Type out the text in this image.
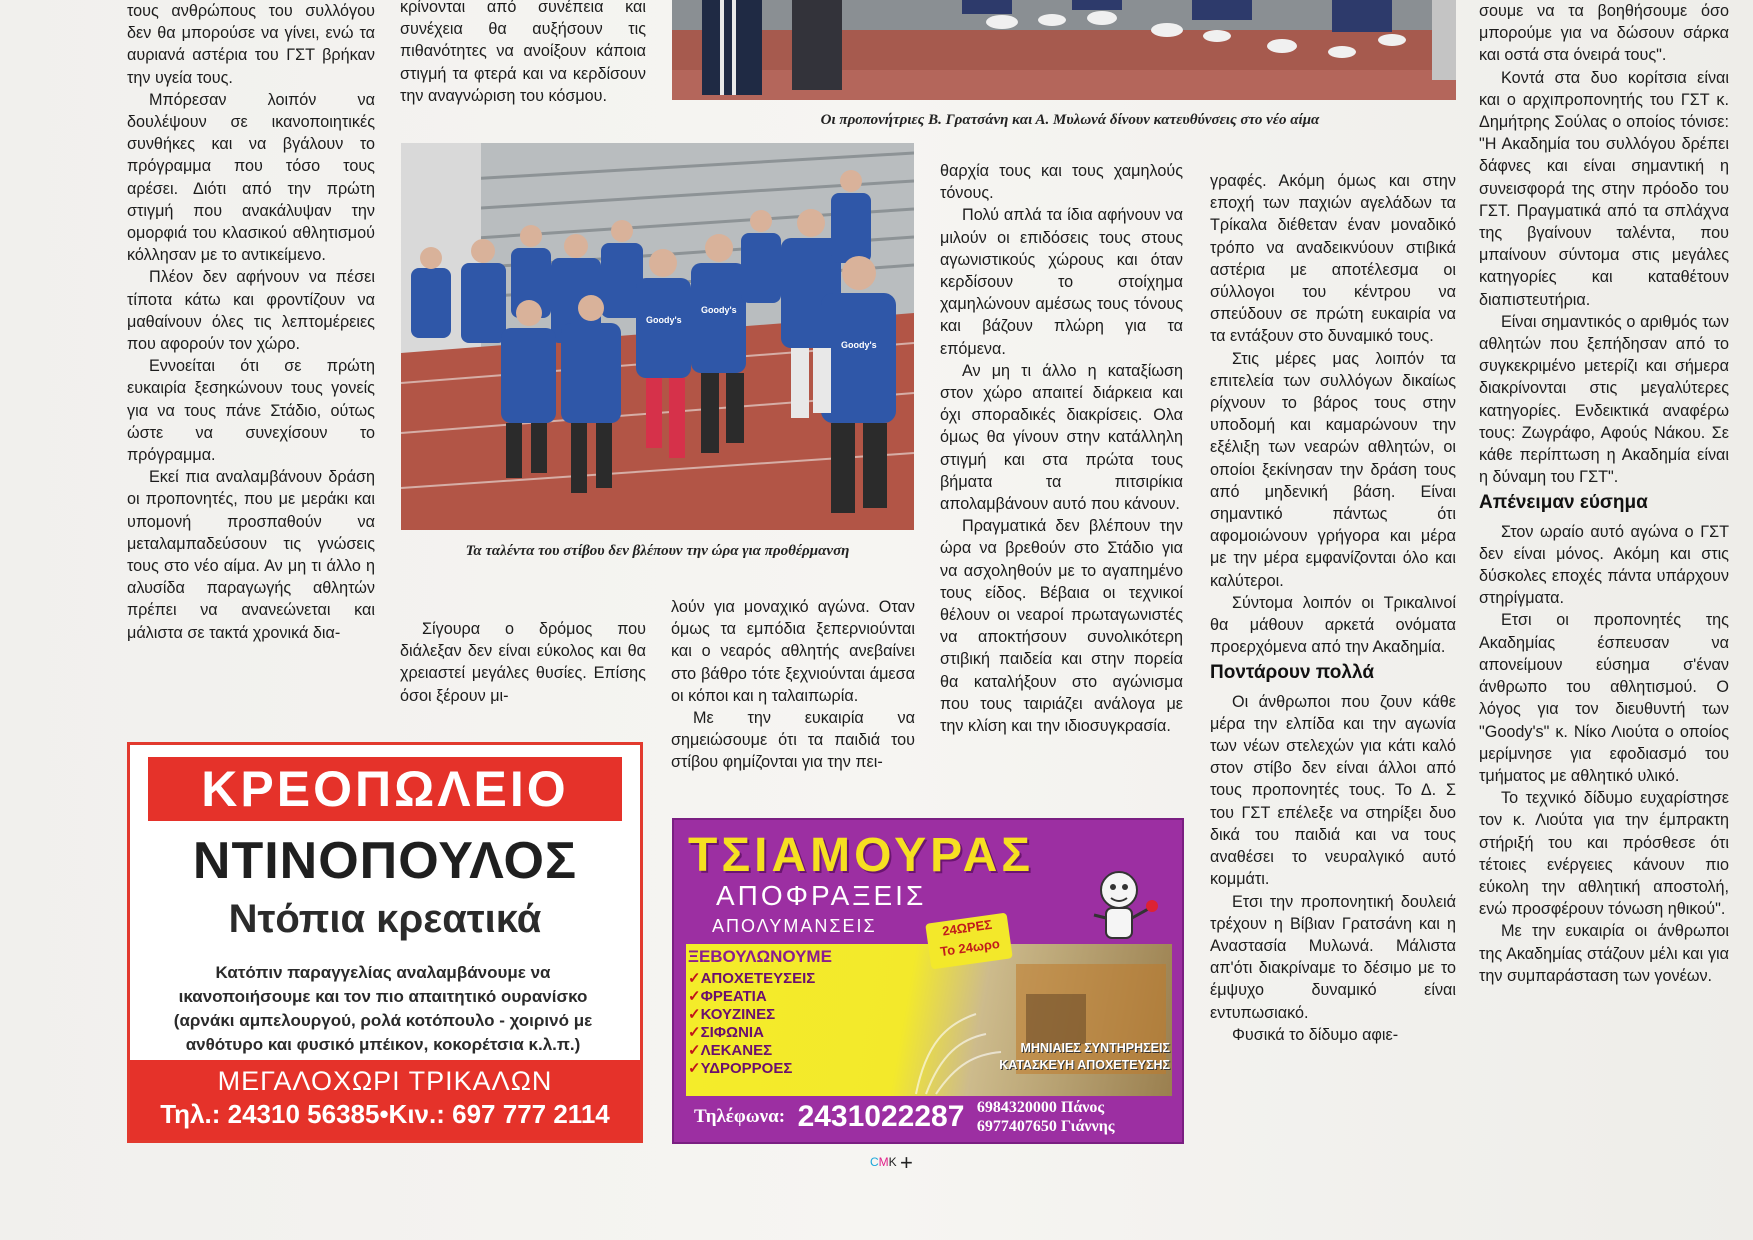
τους ανθρώπους του συλλόγου δεν θα μπορούσε να γίνει, ενώ τα αυριανά αστέρια του ΓΣΤ βρήκαν την υγεία τους.

Μπόρεσαν λοιπόν να δουλέψουν σε ικανοποιητικές συνθήκες και να βγάλουν το πρόγραμμα που τόσο τους αρέσει. Διότι από την πρώτη στιγμή που ανακάλυψαν την ομορφιά του κλασικού αθλητισμού κόλλησαν με το αντικείμενο.

Πλέον δεν αφήνουν να πέσει τίποτα κάτω και φροντίζουν να μαθαίνουν όλες τις λεπτομέρειες που αφορούν τον χώρο.

Εννοείται ότι σε πρώτη ευκαιρία ξεσηκώνουν τους γονείς για να τους πάνε Στάδιο, ούτως ώστε να συνεχίσουν το πρόγραμμα.

Εκεί πια αναλαμβάνουν δράση οι προπονητές, που με μεράκι και υπομονή προσπαθούν να μεταλαμπαδεύσουν τις γνώσεις τους στο νέο αίμα. Αν μη τι άλλο η αλυσίδα παραγωγής αθλητών πρέπει να ανανεώνεται και μάλιστα σε τακτά χρονικά δια-

κρίνονται από συνέπεια και συνέχεια θα αυξήσουν τις πιθανότητες να ανοίξουν κάποια στιγμή τα φτερά και να κερδίσουν την αναγνώριση του κόσμου.

Οι προπονήτριες Β. Γρατσάνη και Α. Μυλωνά δίνουν κατευθύνσεις στο νέο αίμα
Goody's
Goody's
Goody's
Τα ταλέντα του στίβου δεν βλέπουν την ώρα για προθέρμανση

Σίγουρα ο δρόμος που διάλεξαν δεν είναι εύκολος και θα χρειαστεί μεγάλες θυσίες. Επίσης όσοι ξέρουν μι-

λούν για μοναχικό αγώνα. Οταν όμως τα εμπόδια ξεπερνιούνται και ο νεαρός αθλητής ανεβαίνει στο βάθρο τότε ξεχνιούνται άμεσα οι κόποι και η ταλαιπωρία.

Με την ευκαιρία να σημειώσουμε ότι τα παιδιά του στίβου φημίζονται για την πει-

θαρχία τους και τους χαμηλούς τόνους.

Πολύ απλά τα ίδια αφήνουν να μιλούν οι επιδόσεις τους στους αγωνιστικούς χώρους και όταν κερδίσουν το στοίχημα χαμηλώνουν αμέσως τους τόνους και βάζουν πλώρη για τα επόμενα.

Αν μη τι άλλο η καταξίωση στον χώρο απαιτεί διάρκεια και όχι σποραδικές διακρίσεις. Ολα όμως θα γίνουν στην κατάλληλη στιγμή και στα πρώτα τους βήματα τα πιτσιρίκια απολαμβάνουν αυτό που κάνουν.

Πραγματικά δεν βλέπουν την ώρα να βρεθούν στο Στάδιο για να ασχοληθούν με το αγαπημένο τους είδος. Βέβαια οι τεχνικοί θέλουν οι νεαροί πρωταγωνιστές να αποκτήσουν συνολικότερη στιβική παιδεία και στην πορεία θα καταλήξουν στο αγώνισμα που τους ταιριάζει ανάλογα με την κλίση και την ιδιοσυγκρασία.

γραφές. Ακόμη όμως και στην εποχή των παχιών αγελάδων τα Τρίκαλα διέθεταν έναν μοναδικό τρόπο να αναδεικνύουν στιβικά αστέρια με αποτέλεσμα οι σύλλογοι του κέντρου να σπεύδουν σε πρώτη ευκαιρία να τα εντάξουν στο δυναμικό τους.

Στις μέρες μας λοιπόν τα επιτελεία των συλλόγων δικαίως ρίχνουν το βάρος τους στην υποδομή και καμαρώνουν την εξέλιξη των νεαρών αθλητών, οι οποίοι ξεκίνησαν την δράση τους από μηδενική βάση. Είναι σημαντικό πάντως ότι αφομοιώνουν γρήγορα και μέρα με την μέρα εμφανίζονται όλο και καλύτεροι.

Σύντομα λοιπόν οι Τρικαλινοί θα μάθουν αρκετά ονόματα προερχόμενα από την Ακαδημία.

Ποντάρουν πολλά

Οι άνθρωποι που ζουν κάθε μέρα την ελπίδα και την αγωνία των νέων στελεχών για κάτι καλό στον στίβο δεν είναι άλλοι από τους προπονητές τους. Το Δ. Σ του ΓΣΤ επέλεξε να στηρίξει δυο δικά του παιδιά και να τους αναθέσει το νευραλγικό αυτό κομμάτι.

Ετσι την προπονητική δουλειά τρέχουν η Βίβιαν Γρατσάνη και η Αναστασία Μυλωνά. Μάλιστα απ'ότι διακρίναμε το δέσιμο με το έμψυχο δυναμικό είναι εντυπωσιακό.

Φυσικά το δίδυμο αφιε-

σουμε να τα βοηθήσουμε όσο μπορούμε για να δώσουν σάρκα και οστά στα όνειρά τους".

Κοντά στα δυο κορίτσια είναι και ο αρχιπροπονητής του ΓΣΤ κ. Δημήτρης Σούλας ο οποίος τόνισε: "Η Ακαδημία του συλλόγου δρέπει δάφνες και είναι σημαντική η συνεισφορά της στην πρόοδο του ΓΣΤ. Πραγματικά από τα σπλάχνα της βγαίνουν ταλέντα, που μπαίνουν σύντομα στις μεγάλες κατηγορίες και καταθέτουν διαπιστευτήρια.

Είναι σημαντικός ο αριθμός των αθλητών που ξεπήδησαν από το συγκεκριμένο μετερίζι και σήμερα διακρίνονται στις μεγαλύτερες κατηγορίες. Ενδεικτικά αναφέρω τους: Ζωγράφο, Αφούς Νάκου. Σε κάθε περίπτωση η Ακαδημία είναι η δύναμη του ΓΣΤ".

Απένειμαν εύσημα

Στον ωραίο αυτό αγώνα ο ΓΣΤ δεν είναι μόνος. Ακόμη και στις δύσκολες εποχές πάντα υπάρχουν στηρίγματα.

Ετσι οι προπονητές της Ακαδημίας έσπευσαν να απονείμουν εύσημα σ'έναν άνθρωπο του αθλητισμού. Ο λόγος για τον διευθυντή των "Goody's" κ. Νίκο Λιούτα ο οποίος μερίμνησε για εφοδιασμό του τμήματος με αθλητικό υλικό.

Το τεχνικό δίδυμο ευχαρίστησε τον κ. Λιούτα για την έμπρακτη στήριξή του και πρόσθεσε ότι τέτοιες ενέργειες κάνουν πιο εύκολη την αθλητική αποστολή, ενώ προσφέρουν τόνωση ηθικού".

Με την ευκαιρία οι άνθρωποι της Ακαδημίας στάζουν μέλι και για την συμπαράσταση των γονέων.

ΚΡΕΟΠΩΛΕΙΟ
ΝΤΙΝΟΠΟΥΛΟΣ
Ντόπια κρεατικά
Κατόπιν παραγγελίας αναλαμβάνουμε να ικανοποιήσουμε και τον πιο απαιτητικό ουρανίσκο (αρνάκι αμπελουργού, ρολά κοτόπουλο - χοιρινό με ανθότυρο και φυσικό μπέικον, κοκορέτσια κ.λ.π.)
ΜΕΓΑΛΟΧΩΡΙ ΤΡΙΚΑΛΩΝ
Τηλ.: 24310 56385•Κιν.: 697 777 2114
ΤΣΙΑΜΟΥΡΑΣ
ΑΠΟΦΡΑΞΕΙΣ
ΑΠΟΛΥΜΑΝΣΕΙΣ	24ΩΡΕΣ
Το 24ωρο
ΞΕΒΟΥΛΩΝΟΥΜΕ
✓ ΑΠΟΧΕΤΕΥΣΕΙΣ
✓ ΦΡΕΑΤΙΑ
✓ ΚΟΥΖΙΝΕΣ
✓ ΣΙΦΩΝΙΑ
✓ ΛΕΚΑΝΕΣ
✓ ΥΔΡΟΡΡΟΕΣ
ΜΗΝΙΑΙΕΣ ΣΥΝΤΗΡΗΣΕΙΣ
ΚΑΤΑΣΚΕΥΗ ΑΠΟΧΕΤΕΥΣΗΣ
Τηλέφωνα: 2431022287 6984320000 Πάνος
6977407650 Γιάννης
CMK +
